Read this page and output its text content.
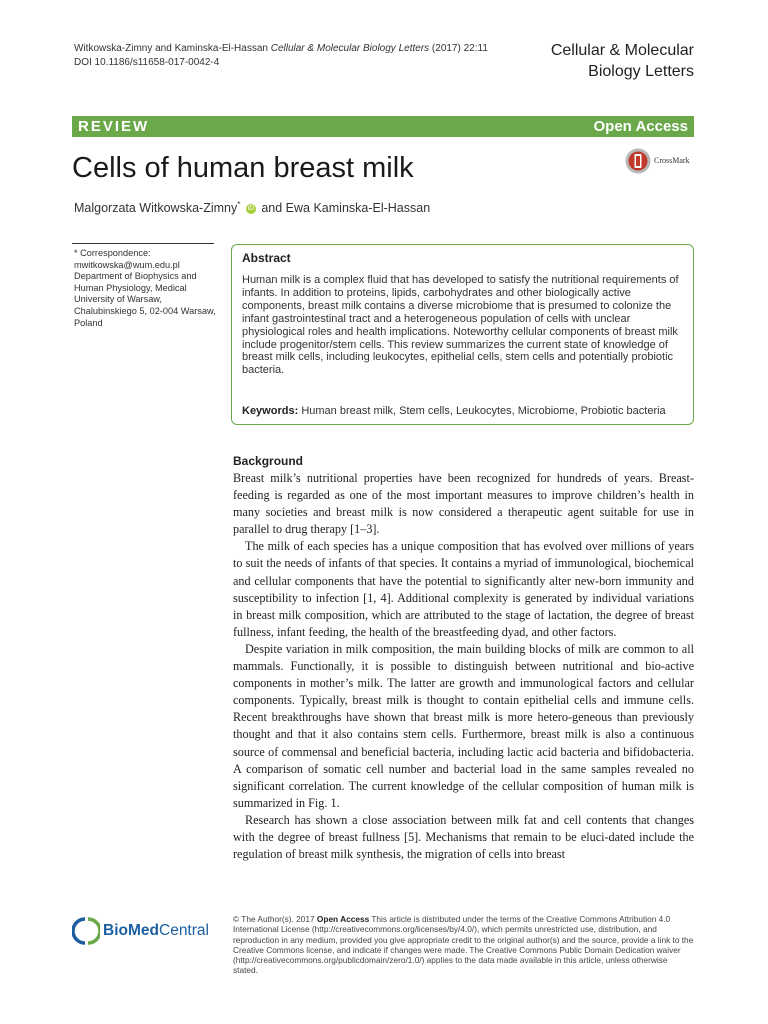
Witkowska-Zimny and Kaminska-El-Hassan Cellular & Molecular Biology Letters (2017) 22:11
DOI 10.1186/s11658-017-0042-4
Cellular & Molecular
Biology Letters
REVIEW	Open Access
Cells of human breast milk	CrossMark
Malgorzata Witkowska-Zimny* iD and Ewa Kaminska-El-Hassan
* Correspondence:
mwitkowska@wum.edu.pl
Department of Biophysics and Human Physiology, Medical University of Warsaw, Chalubinskiego 5, 02-004 Warsaw, Poland
Abstract
Human milk is a complex fluid that has developed to satisfy the nutritional requirements of infants. In addition to proteins, lipids, carbohydrates and other biologically active components, breast milk contains a diverse microbiome that is presumed to colonize the infant gastrointestinal tract and a heterogeneous population of cells with unclear physiological roles and health implications. Noteworthy cellular components of breast milk include progenitor/stem cells. This review summarizes the current state of knowledge of breast milk cells, including leukocytes, epithelial cells, stem cells and potentially probiotic bacteria.
Keywords: Human breast milk, Stem cells, Leukocytes, Microbiome, Probiotic bacteria
Background

Breast milk’s nutritional properties have been recognized for hundreds of years. Breast-feeding is regarded as one of the most important measures to improve children’s health in many societies and breast milk is now considered a therapeutic agent suitable for use in parallel to drug therapy [1–3].

The milk of each species has a unique composition that has evolved over millions of years to suit the needs of infants of that species. It contains a myriad of immunological, biochemical and cellular components that have the potential to significantly alter new-born immunity and susceptibility to infection [1, 4]. Additional complexity is generated by individual variations in breast milk composition, which are attributed to the stage of lactation, the degree of breast fullness, infant feeding, the health of the breastfeeding dyad, and other factors.

Despite variation in milk composition, the main building blocks of milk are common to all mammals. Functionally, it is possible to distinguish between nutritional and bio-active components in mother’s milk. The latter are growth and immunological factors and cellular components. Typically, breast milk is thought to contain epithelial cells and immune cells. Recent breakthroughs have shown that breast milk is more hetero-geneous than previously thought and that it also contains stem cells. Furthermore, breast milk is also a continuous source of commensal and beneficial bacteria, including lactic acid bacteria and bifidobacteria. A comparison of somatic cell number and bacterial load in the same samples revealed no significant correlation. The current knowledge of the cellular composition of human milk is summarized in Fig. 1.

Research has shown a close association between milk fat and cell contents that changes with the degree of breast fullness [5]. Mechanisms that remain to be eluci-dated include the regulation of breast milk synthesis, the migration of cells into breast

BioMed Central
© The Author(s). 2017 Open Access This article is distributed under the terms of the Creative Commons Attribution 4.0 International License (http://creativecommons.org/licenses/by/4.0/), which permits unrestricted use, distribution, and reproduction in any medium, provided you give appropriate credit to the original author(s) and the source, provide a link to the Creative Commons license, and indicate if changes were made. The Creative Commons Public Domain Dedication waiver (http://creativecommons.org/publicdomain/zero/1.0/) applies to the data made available in this article, unless otherwise stated.
